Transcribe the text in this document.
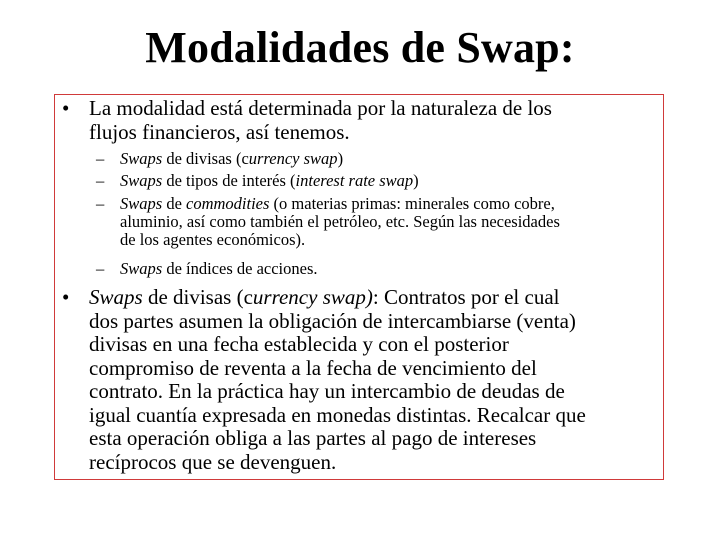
Modalidades de Swap:
• La modalidad está determinada por la naturaleza de los
flujos financieros, así tenemos.
– Swaps de divisas (currency swap)
– Swaps de tipos de interés (interest rate swap)
– Swaps de commodities (o materias primas: minerales como cobre,
aluminio, así como también el petróleo, etc. Según las necesidades
de los agentes económicos).
– Swaps de índices de acciones.
• Swaps de divisas (currency swap): Contratos por el cual
dos partes asumen la obligación de intercambiarse (venta)
divisas en una fecha establecida y con el posterior
compromiso de reventa a la fecha de vencimiento del
contrato. En la práctica hay un intercambio de deudas de
igual cuantía expresada en monedas distintas. Recalcar que
esta operación obliga a las partes al pago de intereses
recíprocos que se devenguen.
